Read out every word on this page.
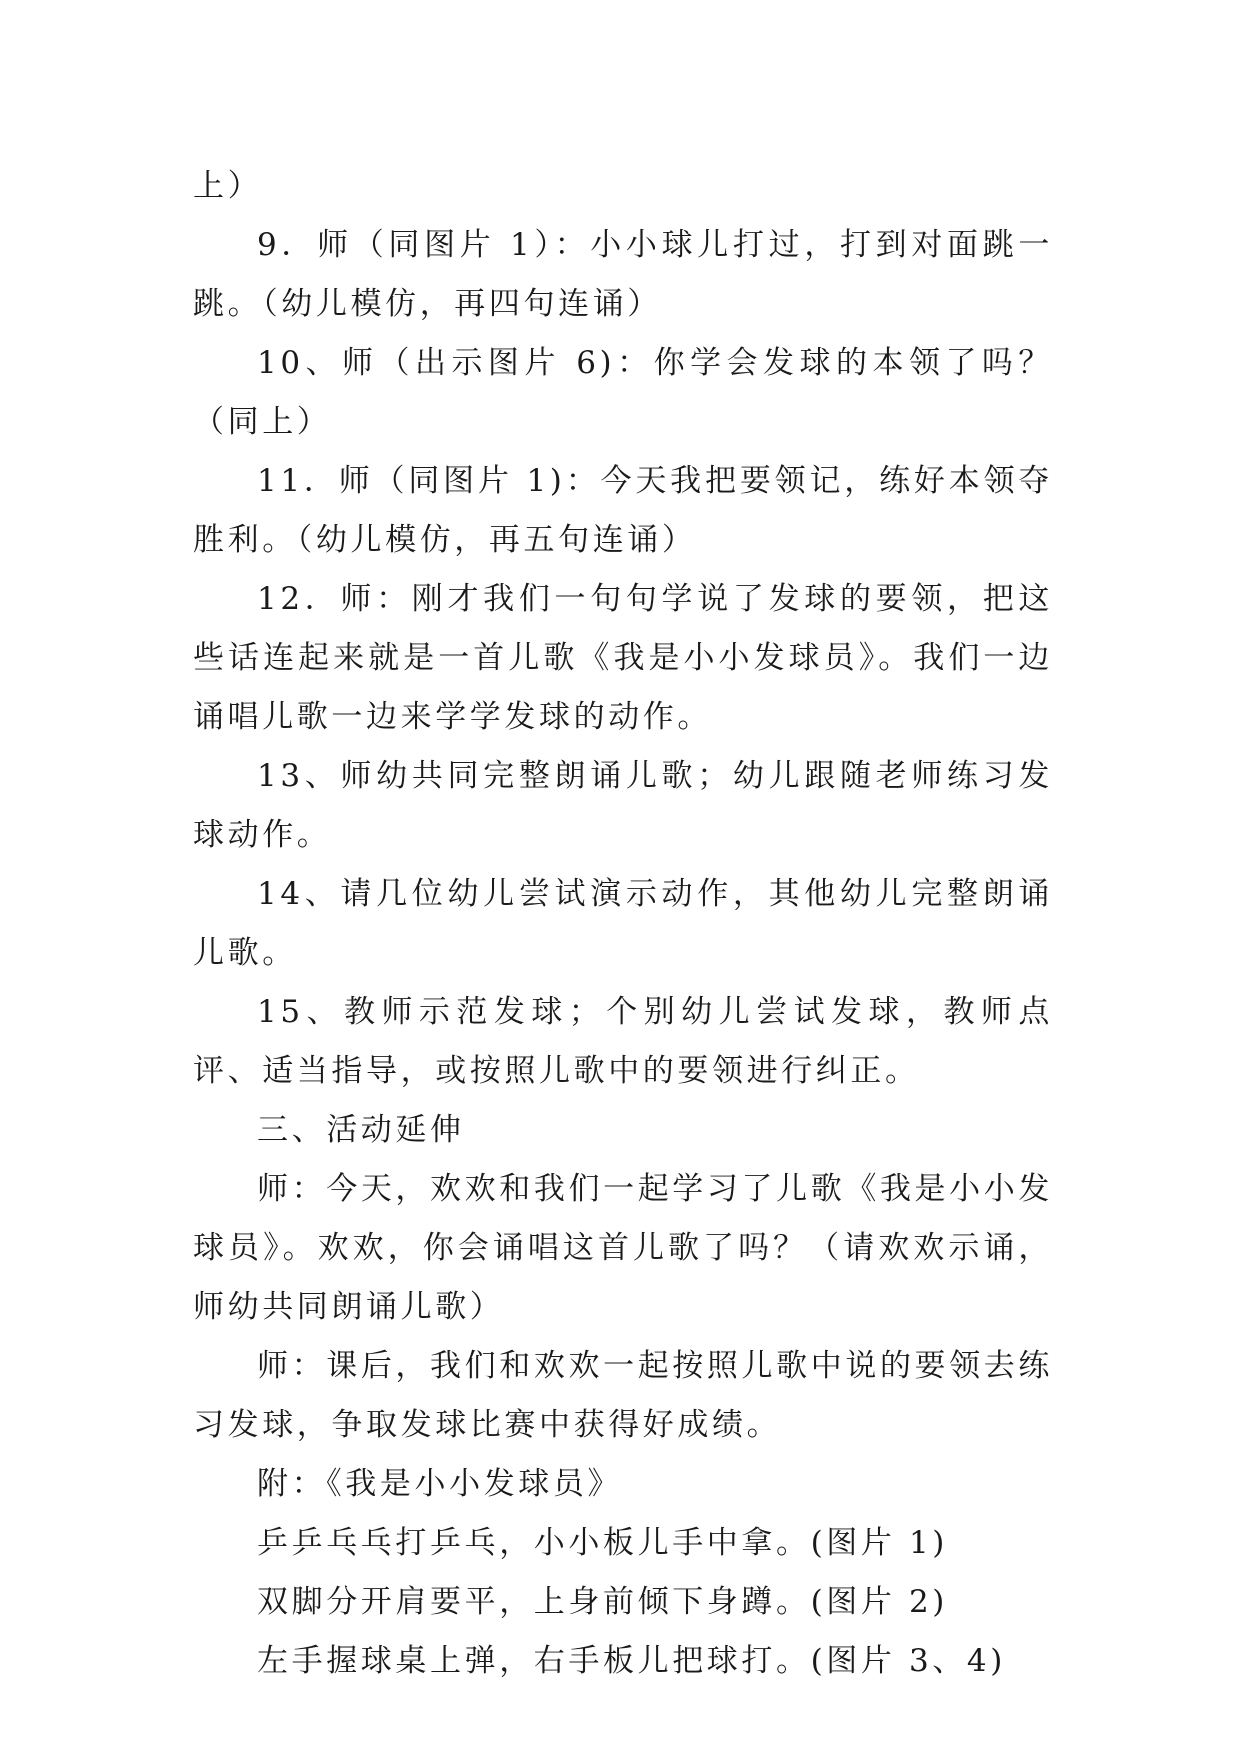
上）

9．师（同图片 1）：小小球儿打过，打到对面跳一跳。（幼儿模仿，再四句连诵）

10、师（出示图片 6)：你学会发球的本领了吗？（同上）

11．师（同图片 1)：今天我把要领记，练好本领夺胜利。（幼儿模仿，再五句连诵）

12．师：刚才我们一句句学说了发球的要领，把这些话连起来就是一首儿歌《我是小小发球员》。我们一边诵唱儿歌一边来学学发球的动作。

13、师幼共同完整朗诵儿歌；幼儿跟随老师练习发球动作。

14、请几位幼儿尝试演示动作，其他幼儿完整朗诵儿歌。

15、教师示范发球；个别幼儿尝试发球，教师点评、适当指导，或按照儿歌中的要领进行纠正。

三、活动延伸

师：今天，欢欢和我们一起学习了儿歌《我是小小发球员》。欢欢，你会诵唱这首儿歌了吗？（请欢欢示诵，师幼共同朗诵儿歌）

师：课后，我们和欢欢一起按照儿歌中说的要领去练习发球，争取发球比赛中获得好成绩。

附：《我是小小发球员》

乒乒乓乓打乒乓，小小板儿手中拿。(图片 1)

双脚分开肩要平，上身前倾下身蹲。(图片 2)

左手握球桌上弹，右手板儿把球打。(图片 3、4)
